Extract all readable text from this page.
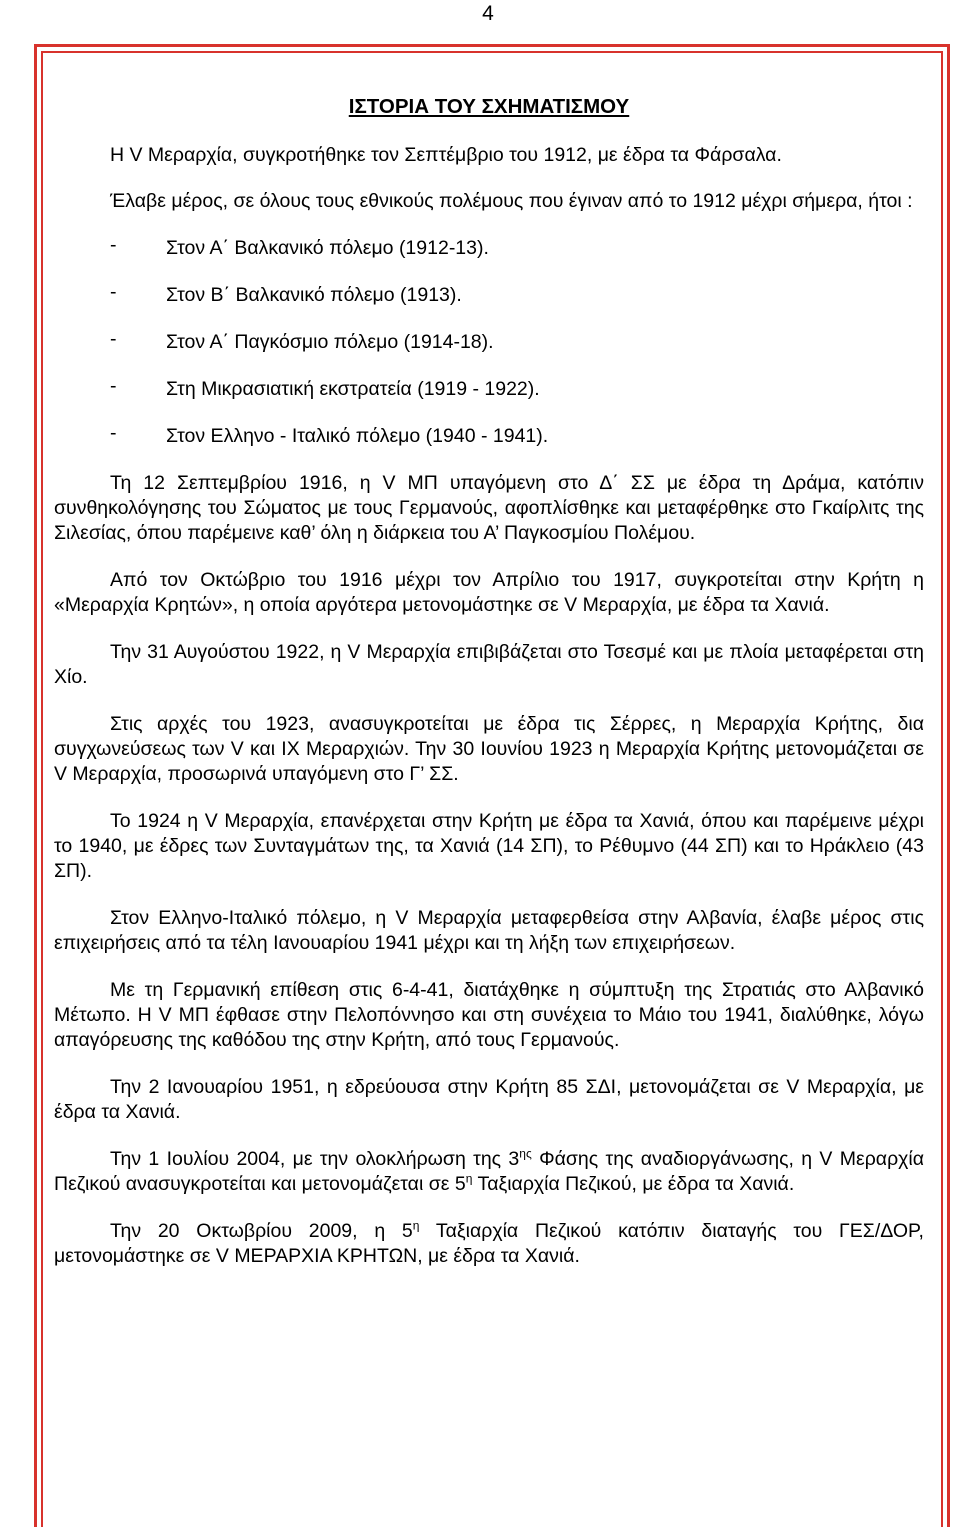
4
ΙΣΤΟΡΙΑ ΤΟΥ ΣΧΗΜΑΤΙΣΜΟΥ

Η V Μεραρχία, συγκροτήθηκε τον Σεπτέμβριο του 1912, με έδρα τα Φάρσαλα.

Έλαβε μέρος, σε όλους τους εθνικούς πολέμους που έγιναν από το 1912 μέχρι σήμερα, ήτοι :

-	Στον Α΄ Βαλκανικό πόλεμο (1912-13).
-	Στον Β΄ Βαλκανικό πόλεμο (1913).
-	Στον Α΄ Παγκόσμιο πόλεμο (1914-18).
-	Στη Μικρασιατική εκστρατεία (1919 - 1922).
-	Στον Ελληνο - Ιταλικό πόλεμο (1940 - 1941).

Τη 12 Σεπτεμβρίου 1916, η V ΜΠ υπαγόμενη στο Δ΄ ΣΣ με έδρα τη Δράμα, κατόπιν συνθηκολόγησης του Σώματος με τους Γερμανούς, αφοπλίσθηκε και μεταφέρθηκε στο Γκαίρλιτς της Σιλεσίας, όπου παρέμεινε καθ’ όλη η διάρκεια του Α’ Παγκοσμίου Πολέμου.

Από τον Οκτώβριο του 1916 μέχρι τον Απρίλιο του 1917, συγκροτείται στην Κρήτη η «Μεραρχία Κρητών», η οποία αργότερα μετονομάστηκε σε V Μεραρχία, με έδρα τα Χανιά.

Την 31 Αυγούστου 1922, η V Μεραρχία επιβιβάζεται στο Τσεσμέ και με πλοία μεταφέρεται στη Χίο.

Στις αρχές του 1923, ανασυγκροτείται με έδρα τις Σέρρες, η Μεραρχία Κρήτης, δια συγχωνεύσεως των V και IX Μεραρχιών. Την 30 Ιουνίου 1923 η Μεραρχία Κρήτης μετονομάζεται σε V Μεραρχία, προσωρινά υπαγόμενη στο Γ’ ΣΣ.

Το 1924 η V Μεραρχία, επανέρχεται στην Κρήτη με έδρα τα Χανιά, όπου και παρέμεινε μέχρι το 1940, με έδρες των Συνταγμάτων της, τα Χανιά (14 ΣΠ), το Ρέθυμνο (44 ΣΠ) και το Ηράκλειο (43 ΣΠ).

Στον Ελληνο-Ιταλικό πόλεμο, η V Μεραρχία μεταφερθείσα στην Αλβανία, έλαβε μέρος στις επιχειρήσεις από τα τέλη Ιανουαρίου 1941 μέχρι και τη λήξη των επιχειρήσεων.

Με τη Γερμανική επίθεση στις 6-4-41, διατάχθηκε η σύμπτυξη της Στρατιάς στο Αλβανικό Μέτωπο. Η V ΜΠ έφθασε στην Πελοπόννησο και στη συνέχεια το Μάιο του 1941, διαλύθηκε, λόγω απαγόρευσης της καθόδου της στην Κρήτη, από τους Γερμανούς.

Την 2 Ιανουαρίου 1951, η εδρεύουσα στην Κρήτη 85 ΣΔΙ, μετονομάζεται σε V Μεραρχία, με έδρα τα Χανιά.

Την 1 Ιουλίου 2004, με την ολοκλήρωση της $3^{\eta\varsigma}$ Φάσης της αναδιοργάνωσης, η V Μεραρχία Πεζικού ανασυγκροτείται και μετονομάζεται σε $5^\eta$ Ταξιαρχία Πεζικού, με έδρα τα Χανιά.

Την 20 Οκτωβρίου 2009, η $5^\eta$ Ταξιαρχία Πεζικού κατόπιν διαταγής του ΓΕΣ/ΔΟΡ, μετονομάστηκε σε V ΜΕΡΑΡΧΙΑ ΚΡΗΤΩΝ, με έδρα τα Χανιά.
